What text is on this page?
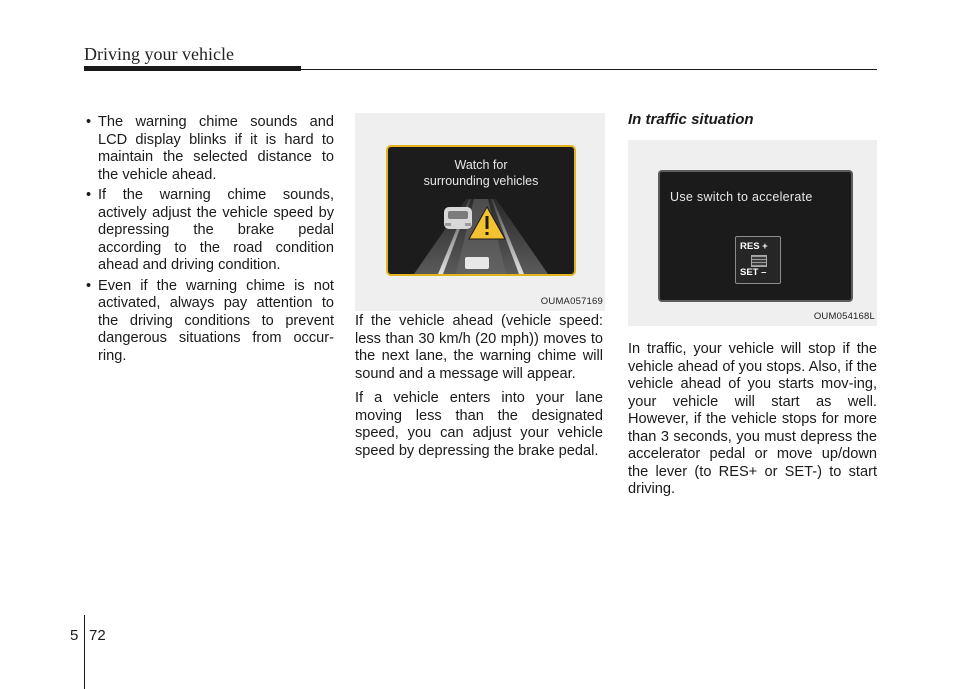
Driving your vehicle
• The warning chime sounds and LCD display blinks if it is hard to maintain the selected distance to the vehicle ahead.
• If the warning chime sounds, actively adjust the vehicle speed by depressing the brake pedal according to the road condition ahead and driving condition.
• Even if the warning chime is not activated, always pay attention to the driving conditions to prevent dangerous situations from occur-ring.
Watch for
surrounding vehicles
OUMA057169

If the vehicle ahead (vehicle speed: less than 30 km/h (20 mph)) moves to the next lane, the warning chime will sound and a message will appear.

If a vehicle enters into your lane moving less than the designated speed, you can adjust your vehicle speed by depressing the brake pedal.

In traffic situation
Use switch to accelerate
RES +
SET –
OUM054168L

In traffic, your vehicle will stop if the vehicle ahead of you stops. Also, if the vehicle ahead of you starts mov-ing, your vehicle will start as well. However, if the vehicle stops for more than 3 seconds, you must depress the accelerator pedal or move up/down the lever (to RES+ or SET-) to start driving.

5 72
